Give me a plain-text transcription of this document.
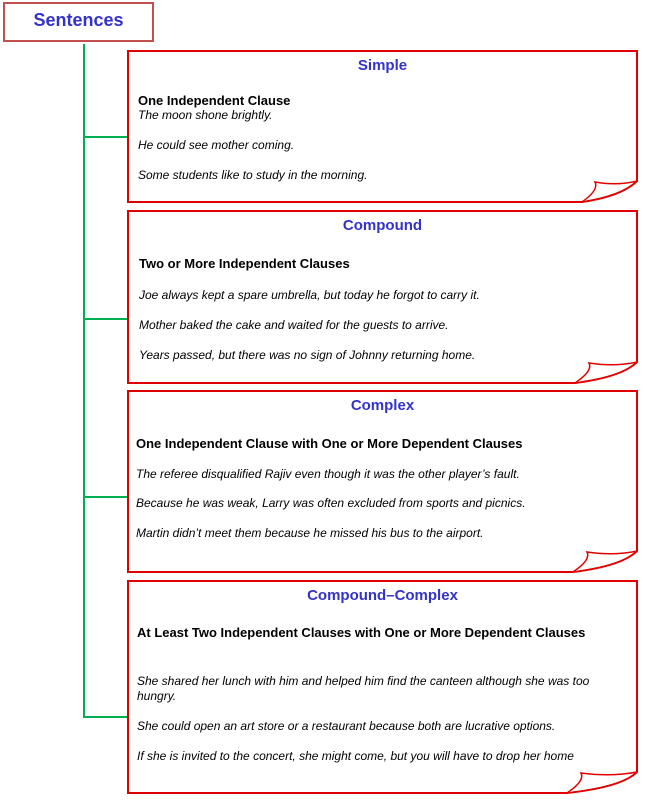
Sentences
Simple
One Independent Clause
The moon shone brightly.
He could see mother coming.
Some students like to study in the morning.
Compound
Two or More Independent Clauses
Joe always kept a spare umbrella, but today he forgot to carry it.
Mother baked the cake and waited for the guests to arrive.
Years passed, but there was no sign of Johnny returning home.
Complex
One Independent Clause with One or More Dependent Clauses
The referee disqualified Rajiv even though it was the other player’s fault.
Because he was weak, Larry was often excluded from sports and picnics.
Martin didn’t meet them because he missed his bus to the airport.
Compound–Complex
At Least Two Independent Clauses with One or More Dependent Clauses
She shared her lunch with him and helped him find the canteen although she was too hungry.
She could open an art store or a restaurant because both are lucrative options.
If she is invited to the concert, she might come, but you will have to drop her home
